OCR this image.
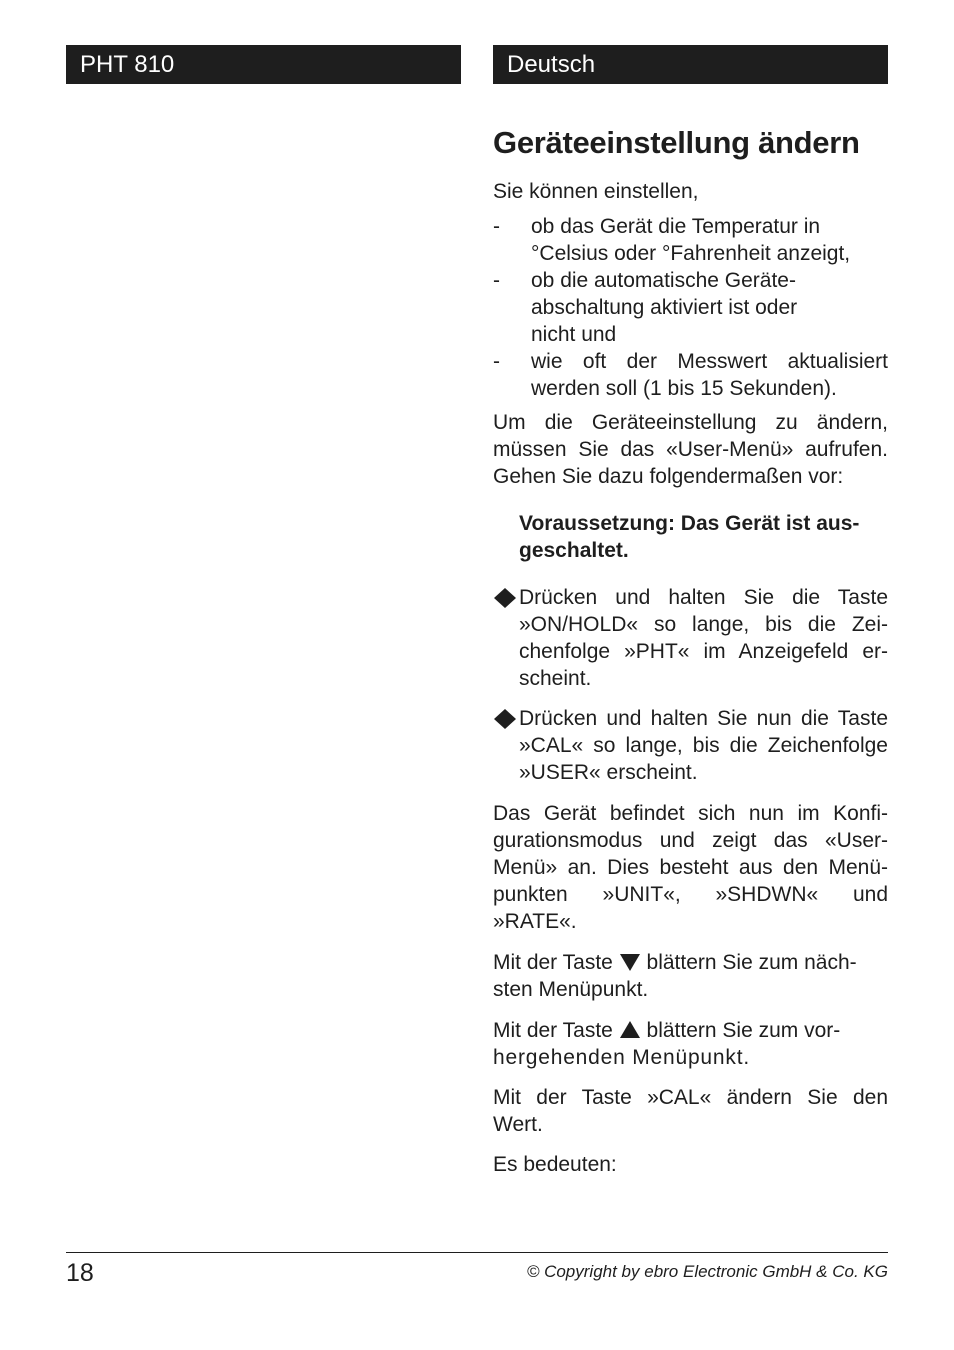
PHT 810	Deutsch
Geräteeinstellung ändern
Sie können einstellen,
-	ob das Gerät die Temperatur in
°Celsius oder °Fahrenheit anzeigt,
-	ob die automatische Geräte-
abschaltung aktiviert ist oder
nicht und
-	wie oft der Messwert aktualisiert
werden soll (1 bis 15 Sekunden).
Um die Geräteeinstellung zu ändern,
müssen Sie das «User-Menü» aufrufen.
Gehen Sie dazu folgendermaßen vor:
Voraussetzung: Das Gerät ist aus-
geschaltet.
Drücken und halten Sie die Taste
»ON/HOLD« so lange, bis die Zei-
chenfolge »PHT« im Anzeigefeld er-
scheint.
Drücken und halten Sie nun die Taste
»CAL« so lange, bis die Zeichenfolge
»USER« erscheint.
Das Gerät befindet sich nun im Konfi-
gurationsmodus und zeigt das «User-
Menü» an. Dies besteht aus den Menü-
punkten »UNIT«, »SHDWN« und
»RATE«.
Mit der Taste blättern Sie zum näch-
sten Menüpunkt.
Mit der Taste blättern Sie zum vor-
hergehenden Menüpunkt.
Mit der Taste »CAL« ändern Sie den
Wert.
Es bedeuten:
18	© Copyright by ebro Electronic GmbH & Co. KG
